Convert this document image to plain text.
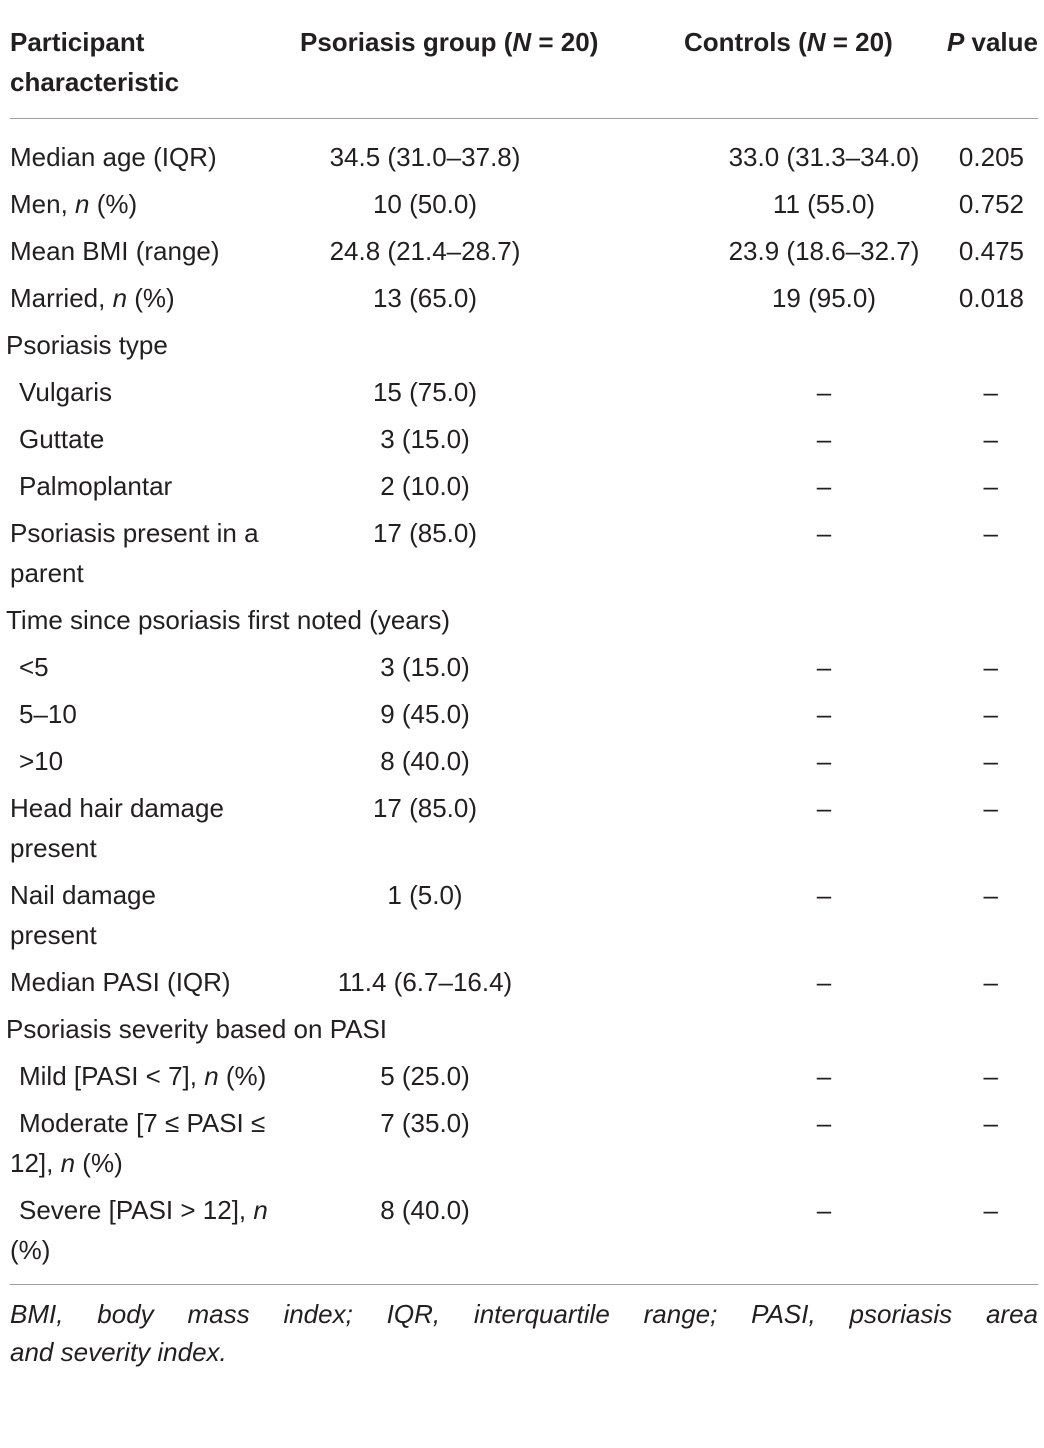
Participant characteristic	Psoriasis group (N = 20)	Controls (N = 20)	P value
Median age (IQR)	34.5 (31.0–37.8)	33.0 (31.3–34.0)	0.205
Men, n (%)	10 (50.0)	11 (55.0)	0.752
Mean BMI (range)	24.8 (21.4–28.7)	23.9 (18.6–32.7)	0.475
Married, n (%)	13 (65.0)	19 (95.0)	0.018
Psoriasis type
Vulgaris	15 (75.0)	–	–
Guttate	3 (15.0)	–	–
Palmoplantar	2 (10.0)	–	–
Psoriasis present in a parent	17 (85.0)	–	–
Time since psoriasis first noted (years)
<5	3 (15.0)	–	–
5–10	9 (45.0)	–	–
>10	8 (40.0)	–	–
Head hair damage present	17 (85.0)	–	–
Nail damage present	1 (5.0)	–	–
Median PASI (IQR)	11.4 (6.7–16.4)	–	–
Psoriasis severity based on PASI
Mild [PASI < 7], n (%)	5 (25.0)	–	–
Moderate [7 ≤ PASI ≤ 12], n (%)	7 (35.0)	–	–
Severe [PASI > 12], n (%)	8 (40.0)	–	–

BMI, body mass index; IQR, interquartile range; PASI, psoriasis area
and severity index.
